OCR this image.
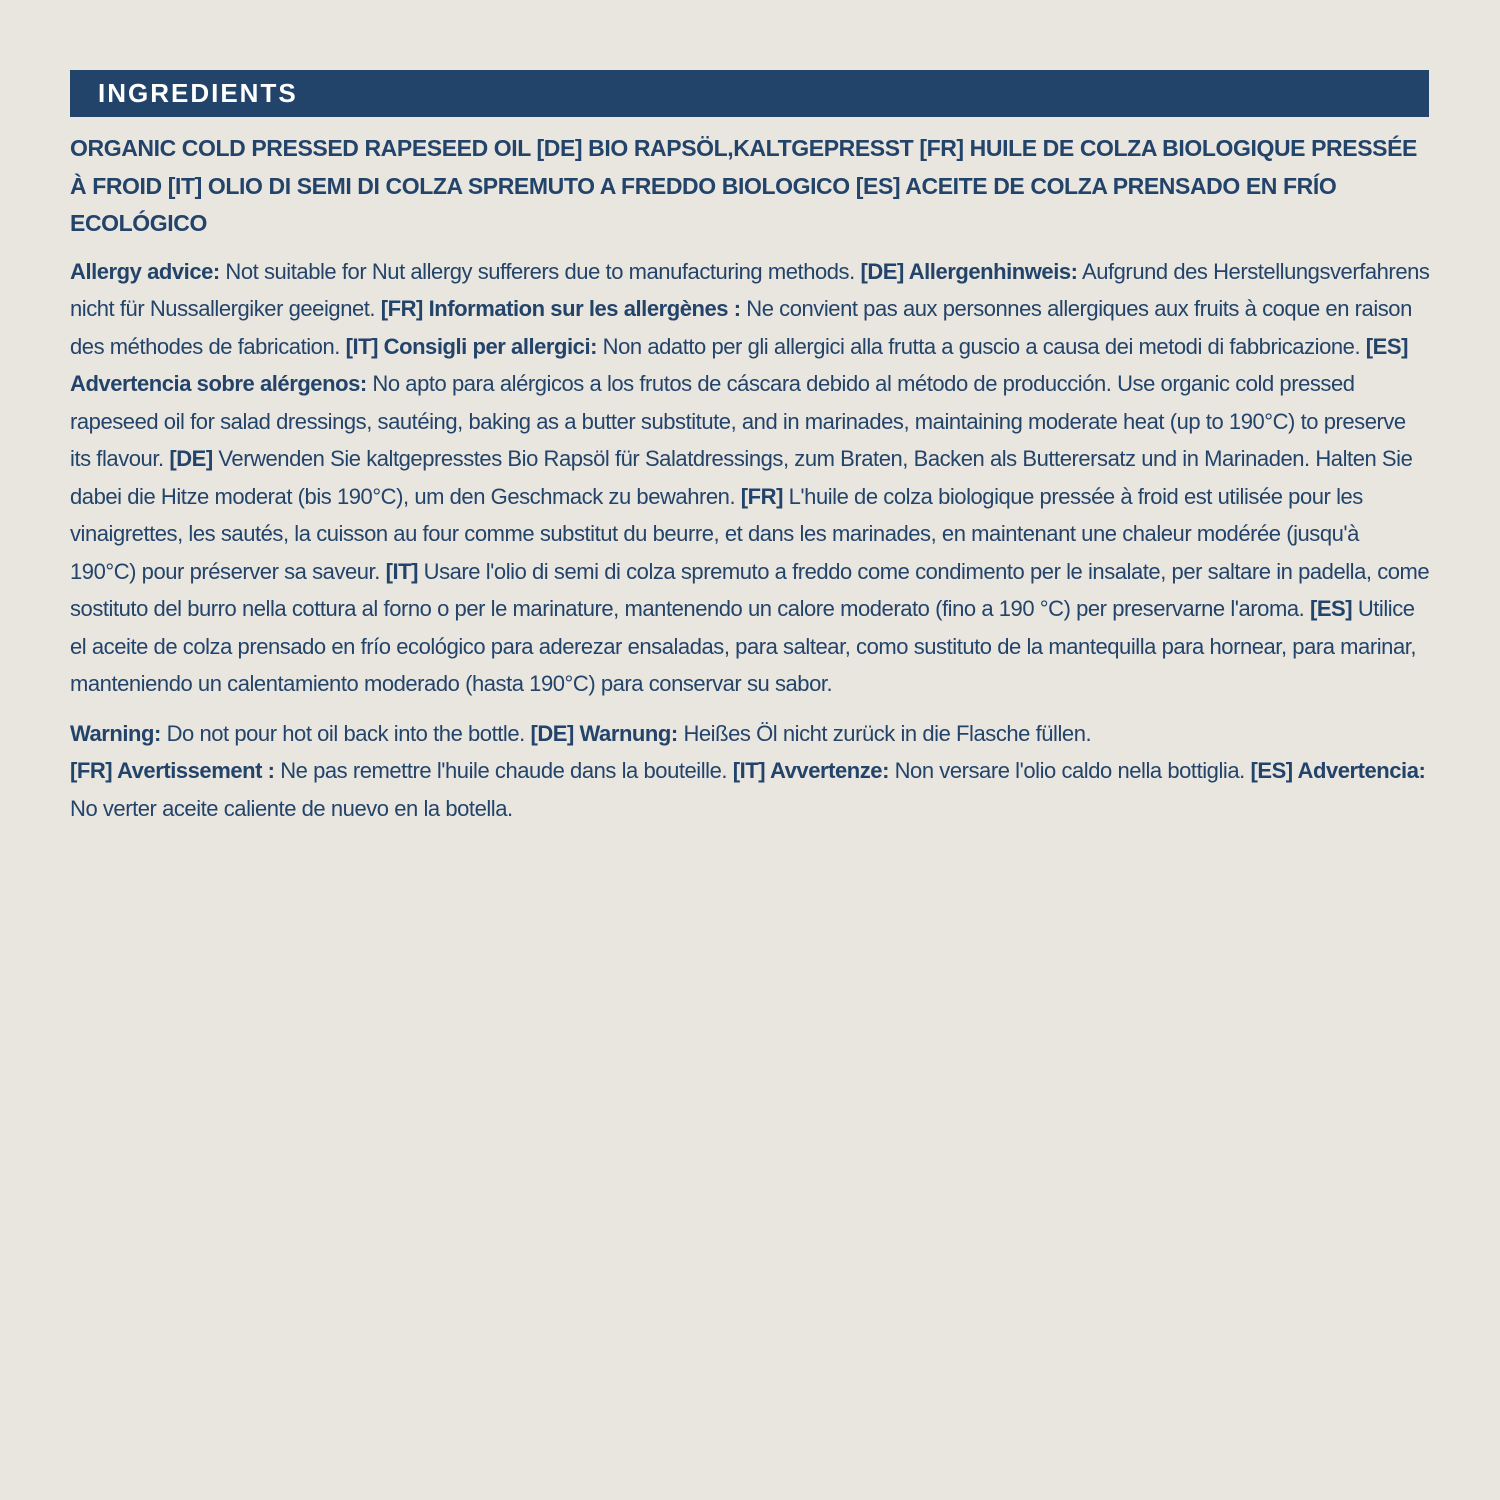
INGREDIENTS

ORGANIC COLD PRESSED RAPESEED OIL [DE] BIO RAPSÖL,KALTGEPRESST [FR] HUILE DE COLZA BIOLOGIQUE PRESSÉE À FROID [IT] OLIO DI SEMI DI COLZA SPREMUTO A FREDDO BIOLOGICO [ES] ACEITE DE COLZA PRENSADO EN FRÍO ECOLÓGICO

Allergy advice: Not suitable for Nut allergy sufferers due to manufacturing methods. [DE] Allergenhinweis: Aufgrund des Herstellungsverfahrens nicht für Nussallergiker geeignet. [FR] Information sur les allergènes : Ne convient pas aux personnes allergiques aux fruits à coque en raison des méthodes de fabrication. [IT] Consigli per allergici: Non adatto per gli allergici alla frutta a guscio a causa dei metodi di fabbricazione. [ES] Advertencia sobre alérgenos: No apto para alérgicos a los frutos de cáscara debido al método de producción. Use organic cold pressed rapeseed oil for salad dressings, sautéing, baking as a butter substitute, and in marinades, maintaining moderate heat (up to 190°C) to preserve its flavour. [DE] Verwenden Sie kaltgepresstes Bio Rapsöl für Salatdressings, zum Braten, Backen als Butterersatz und in Marinaden. Halten Sie dabei die Hitze moderat (bis 190°C), um den Geschmack zu bewahren. [FR] L'huile de colza biologique pressée à froid est utilisée pour les vinaigrettes, les sautés, la cuisson au four comme substitut du beurre, et dans les marinades, en maintenant une chaleur modérée (jusqu'à 190°C) pour préserver sa saveur. [IT] Usare l'olio di semi di colza spremuto a freddo come condimento per le insalate, per saltare in padella, come sostituto del burro nella cottura al forno o per le marinature, mantenendo un calore moderato (fino a 190 °C) per preservarne l'aroma. [ES] Utilice el aceite de colza prensado en frío ecológico para aderezar ensaladas, para saltear, como sustituto de la mantequilla para hornear, para marinar, manteniendo un calentamiento moderado (hasta 190°C) para conservar su sabor.

Warning: Do not pour hot oil back into the bottle. [DE] Warnung: Heißes Öl nicht zurück in die Flasche füllen.
[FR] Avertissement : Ne pas remettre l'huile chaude dans la bouteille. [IT] Avvertenze: Non versare l'olio caldo nella bottiglia. [ES] Advertencia: No verter aceite caliente de nuevo en la botella.
